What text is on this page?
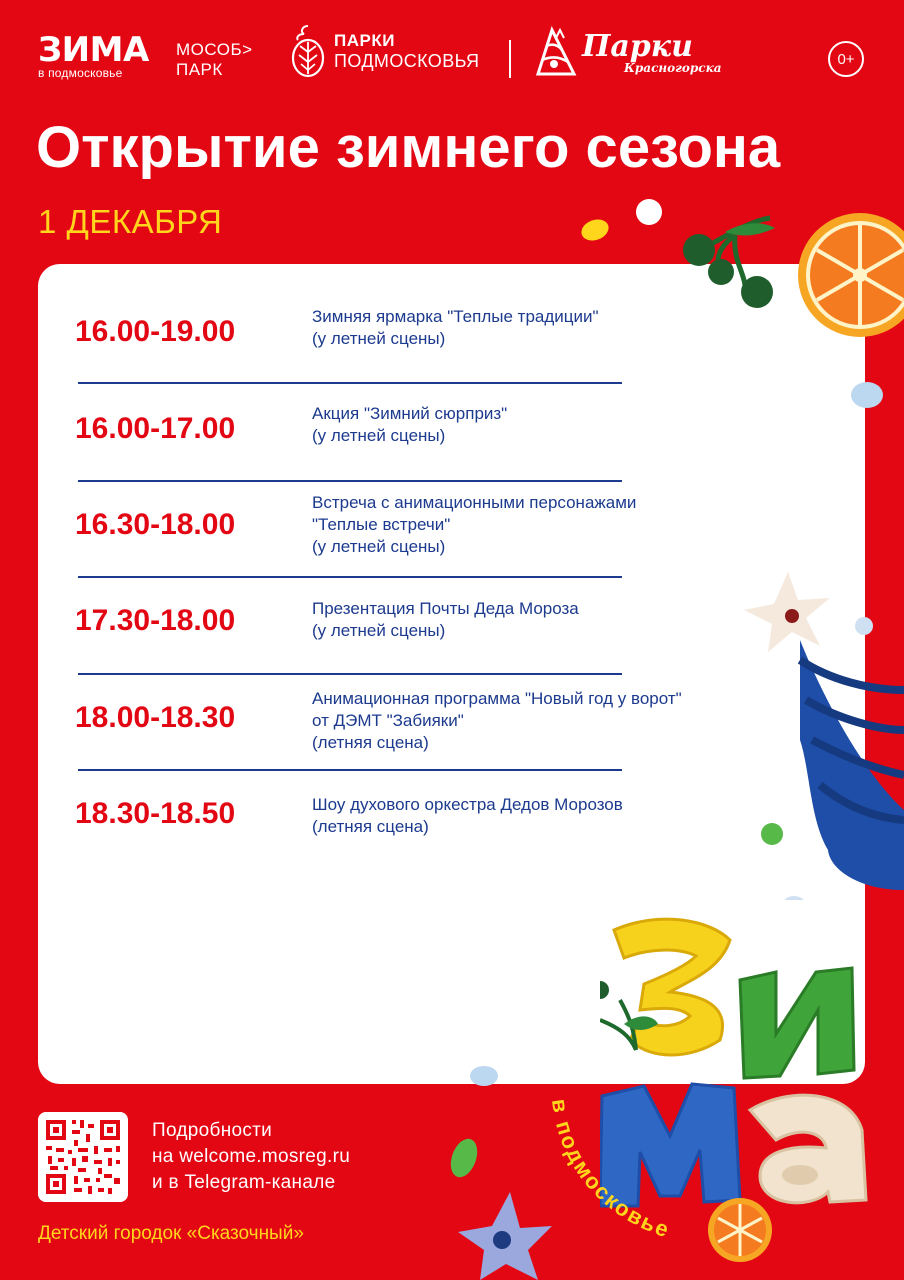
ЗИМА
в подмосковье
МОСОБ>
ПАРК
ПАРКИ
ПОДМОСКОВЬЯ	Парки
Красногорска
0+
Открытие зимнего сезона
1 ДЕКАБРЯ
16.00-19.00	Зимняя ярмарка "Теплые традиции"
(у летней сцены)
16.00-17.00	Акция "Зимний сюрприз"
(у летней сцены)
16.30-18.00
Встреча с анимационными персонажами
"Теплые встречи"
(у летней сцены)
17.30-18.00	Презентация Почты Деда Мороза
(у летней сцены)
18.00-18.30
Анимационная программа "Новый год у ворот"
от ДЭМТ "Забияки"
(летняя сцена)
18.30-18.50	Шоу духового оркестра Дедов Морозов
(летняя сцена)
в подмосковье
Подробности
на welcome.mosreg.ru
и в Telegram-канале
Детский городок «Сказочный»
